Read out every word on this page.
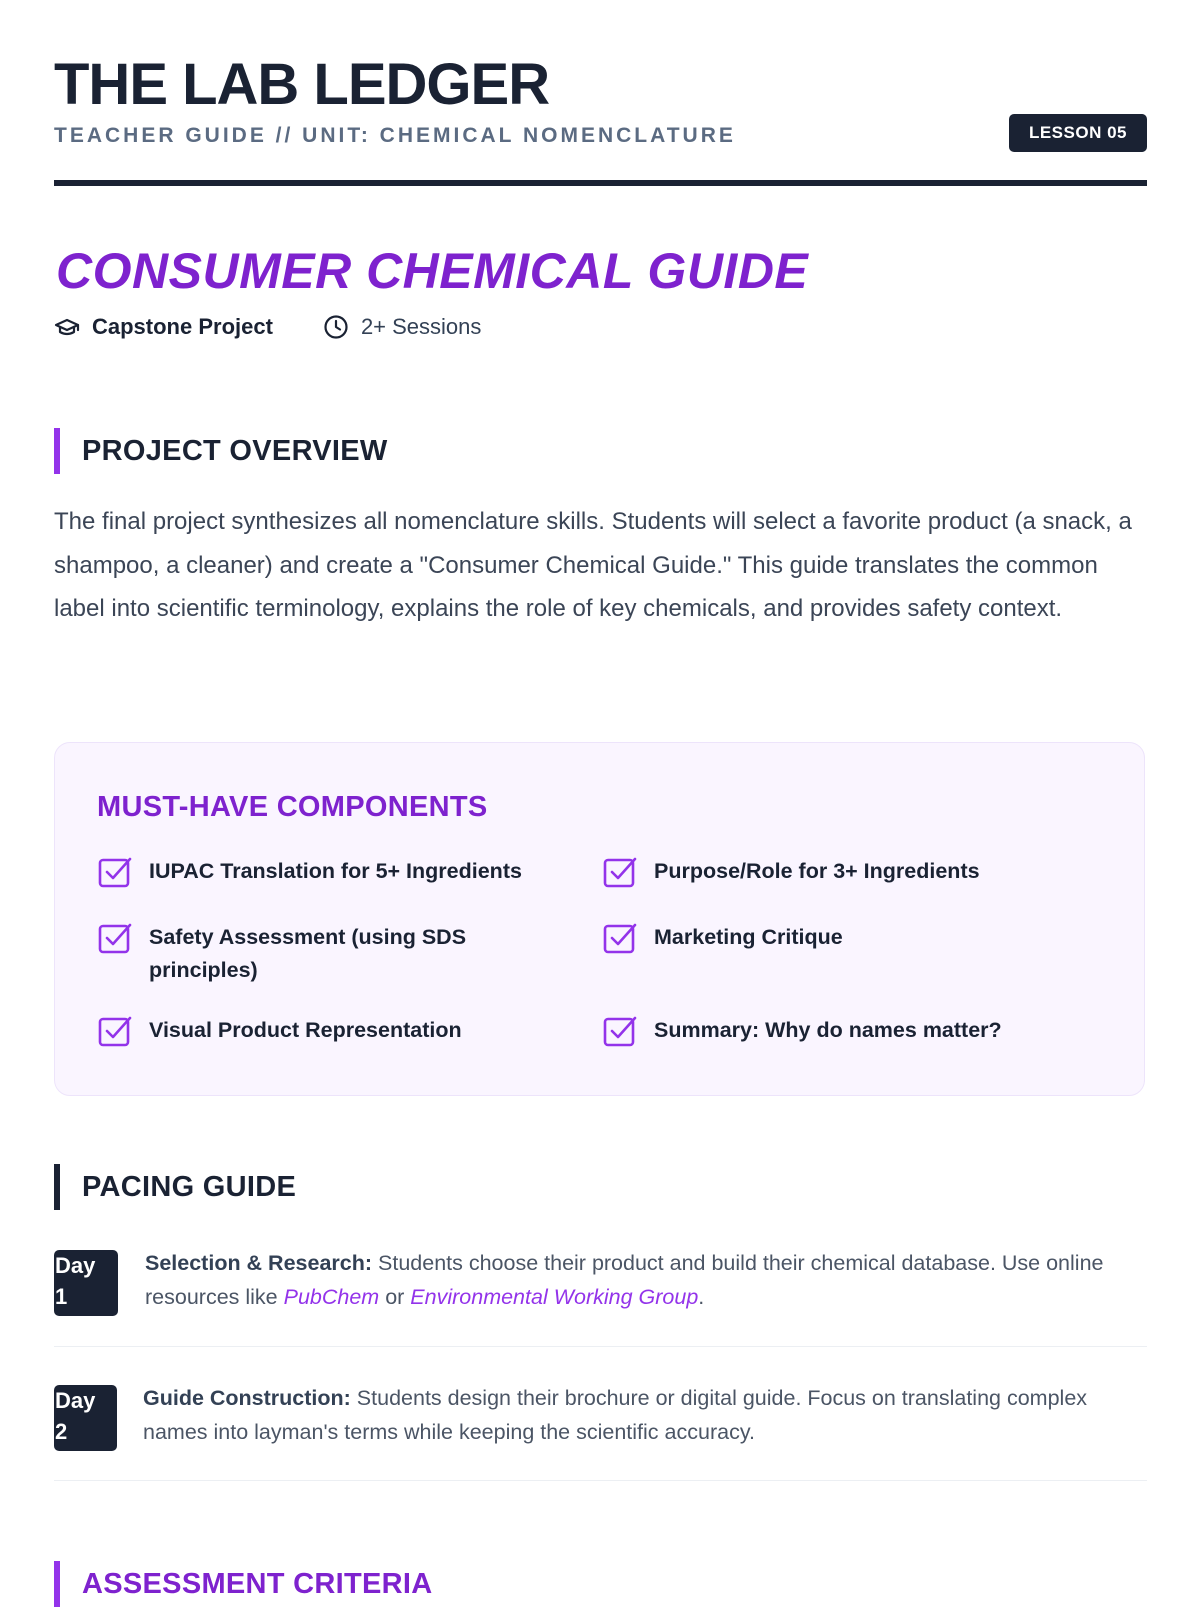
THE LAB LEDGER
TEACHER GUIDE // UNIT: CHEMICAL NOMENCLATURE	LESSON 05
CONSUMER CHEMICAL GUIDE
Capstone Project	2+ Sessions
PROJECT OVERVIEW

The final project synthesizes all nomenclature skills. Students will select a favorite product (a snack, a shampoo, a cleaner) and create a "Consumer Chemical Guide." This guide translates the common label into scientific terminology, explains the role of key chemicals, and provides safety context.

MUST-HAVE COMPONENTS
IUPAC Translation for 5+ Ingredients	Purpose/Role for 3+ Ingredients
Safety Assessment (using SDS principles)
Marketing Critique
Visual Product Representation	Summary: Why do names matter?
PACING GUIDE
Day
1
Selection & Research: Students choose their product and build their chemical database. Use online resources like PubChem or Environmental Working Group.
Day
2
Guide Construction: Students design their brochure or digital guide. Focus on translating complex names into layman's terms while keeping the scientific accuracy.
ASSESSMENT CRITERIA
